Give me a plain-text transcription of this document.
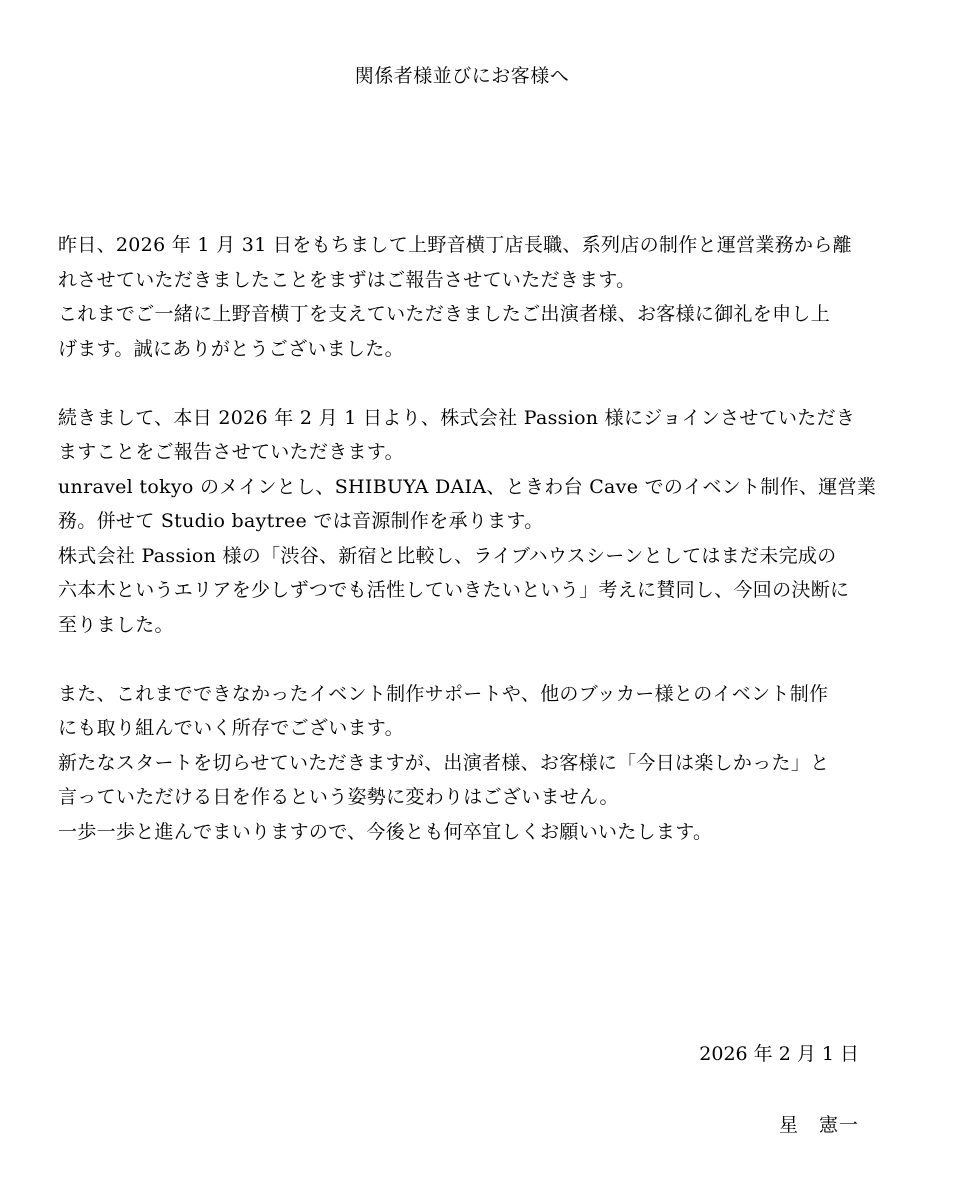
関係者様並びにお客様へ
昨日、2026 年 1 月 31 日をもちまして上野音横丁店長職、系列店の制作と運営業務から離
れさせていただきましたことをまずはご報告させていただきます。
これまでご一緒に上野音横丁を支えていただきましたご出演者様、お客様に御礼を申し上
げます。誠にありがとうございました。
続きまして、本日 2026 年 2 月 1 日より、株式会社 Passion 様にジョインさせていただき
ますことをご報告させていただきます。
unravel tokyo のメインとし、SHIBUYA DAIA、ときわ台 Cave でのイベント制作、運営業
務。併せて Studio baytree では音源制作を承ります。
株式会社 Passion 様の「渋谷、新宿と比較し、ライブハウスシーンとしてはまだ未完成の
六本木というエリアを少しずつでも活性していきたいという」考えに賛同し、今回の決断に
至りました。
また、これまでできなかったイベント制作サポートや、他のブッカー様とのイベント制作
にも取り組んでいく所存でございます。
新たなスタートを切らせていただきますが、出演者様、お客様に「今日は楽しかった」と
言っていただける日を作るという姿勢に変わりはございません。
一歩一歩と進んでまいりますので、今後とも何卒宜しくお願いいたします。
2026 年 2 月 1 日
星　憲一
